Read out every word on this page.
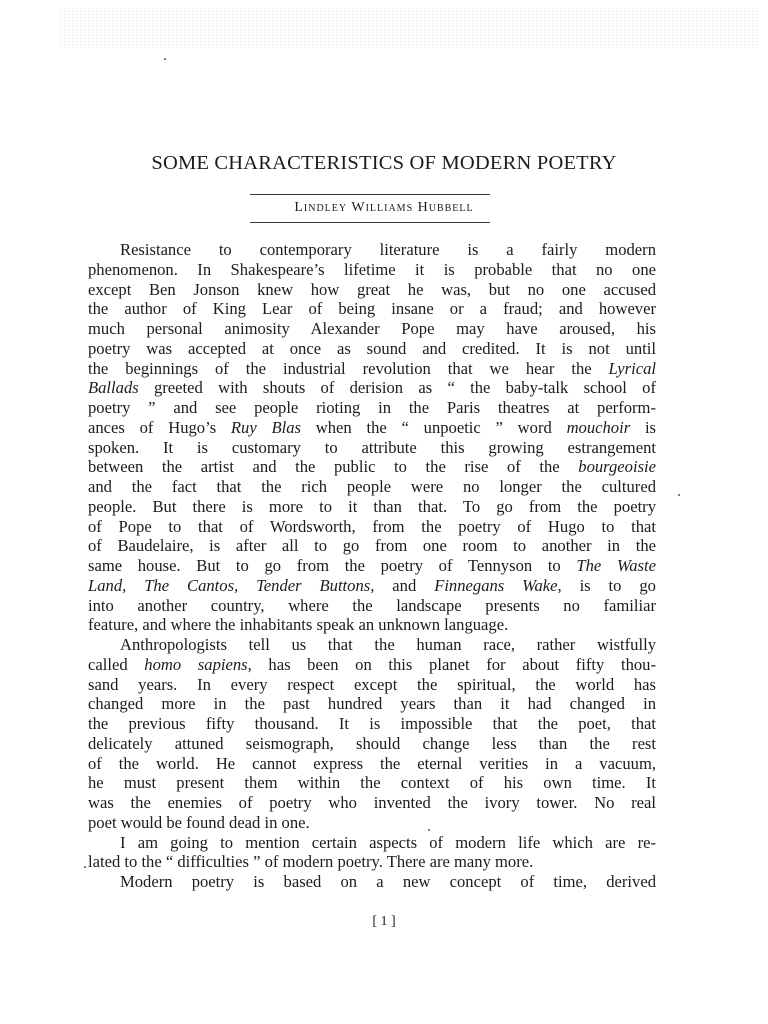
SOME CHARACTERISTICS OF MODERN POETRY
Lindley Williams Hubbell
Resistance to contemporary literature is a fairly modern
phenomenon. In Shakespeare’s lifetime it is probable that no one
except Ben Jonson knew how great he was, but no one accused
the author of King Lear of being insane or a fraud; and however
much personal animosity Alexander Pope may have aroused, his
poetry was accepted at once as sound and credited. It is not until
the beginnings of the industrial revolution that we hear the Lyrical
Ballads greeted with shouts of derision as “ the baby-talk school of
poetry ” and see people rioting in the Paris theatres at perform-
ances of Hugo’s Ruy Blas when the “ unpoetic ” word mouchoir is
spoken. It is customary to attribute this growing estrangement
between the artist and the public to the rise of the bourgeoisie
and the fact that the rich people were no longer the cultured
people. But there is more to it than that. To go from the poetry
of Pope to that of Wordsworth, from the poetry of Hugo to that
of Baudelaire, is after all to go from one room to another in the
same house. But to go from the poetry of Tennyson to The Waste
Land, The Cantos, Tender Buttons, and Finnegans Wake, is to go
into another country, where the landscape presents no familiar
feature, and where the inhabitants speak an unknown language.
Anthropologists tell us that the human race, rather wistfully
called homo sapiens, has been on this planet for about fifty thou-
sand years. In every respect except the spiritual, the world has
changed more in the past hundred years than it had changed in
the previous fifty thousand. It is impossible that the poet, that
delicately attuned seismograph, should change less than the rest
of the world. He cannot express the eternal verities in a vacuum,
he must present them within the context of his own time. It
was the enemies of poetry who invented the ivory tower. No real
poet would be found dead in one.
I am going to mention certain aspects of modern life which are re-
lated to the “ difficulties ” of modern poetry. There are many more.
Modern poetry is based on a new concept of time, derived
[ 1 ]
